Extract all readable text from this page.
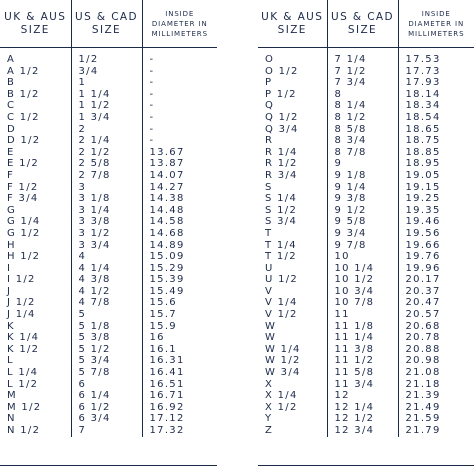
UK & AUS SIZE	US & CAD SIZE	INSIDE DIAMETER IN MILLIMETERS
A	1/2	-
A 1/2	3/4	-
B	1	-
B 1/2	1 1/4	-
C	1 1/2	-
C 1/2	1 3/4	-
D	2	-
D 1/2	2 1/4	-
E	2 1/2	13.67
E 1/2	2 5/8	13.87
F	2 7/8	14.07
F 1/2	3	14.27
F 3/4	3 1/8	14.38
G	3 1/4	14.48
G 1/4	3 3/8	14.58
G 1/2	3 1/2	14.68
H	3 3/4	14.89
H 1/2	4	15.09
I	4 1/4	15.29
I 1/2	4 3/8	15.39
J	4 1/2	15.49
J 1/2	4 7/8	15.6
J 1/4	5	15.7
K	5 1/8	15.9
K 1/4	5 3/8	16
K 1/2	5 1/2	16.1
L	5 3/4	16.31
L 1/4	5 7/8	16.41
L 1/2	6	16.51
M	6 1/4	16.71
M 1/2	6 1/2	16.92
N	6 3/4	17.12
N 1/2	7	17.32
UK & AUS SIZE	US & CAD SIZE	INSIDE DIAMETER IN MILLIMETERS
O	7 1/4	17.53
O 1/2	7 1/2	17.73
P	7 3/4	17.93
P 1/2	8	18.14
Q	8 1/4	18.34
Q 1/2	8 1/2	18.54
Q 3/4	8 5/8	18.65
R	8 3/4	18.75
R 1/4	8 7/8	18.85
R 1/2	9	18.95
R 3/4	9 1/8	19.05
S	9 1/4	19.15
S 1/4	9 3/8	19.25
S 1/2	9 1/2	19.35
S 3/4	9 5/8	19.46
T	9 3/4	19.56
T 1/4	9 7/8	19.66
T 1/2	10	19.76
U	10 1/4	19.96
U 1/2	10 1/2	20.17
V	10 3/4	20.37
V 1/4	10 7/8	20.47
V 1/2	11	20.57
W	11 1/8	20.68
W	11 1/4	20.78
W 1/4	11 3/8	20.88
W 1/2	11 1/2	20.98
W 3/4	11 5/8	21.08
X	11 3/4	21.18
X 1/4	12	21.39
X 1/2	12 1/4	21.49
Y	12 1/2	21.59
Z	12 3/4	21.79
